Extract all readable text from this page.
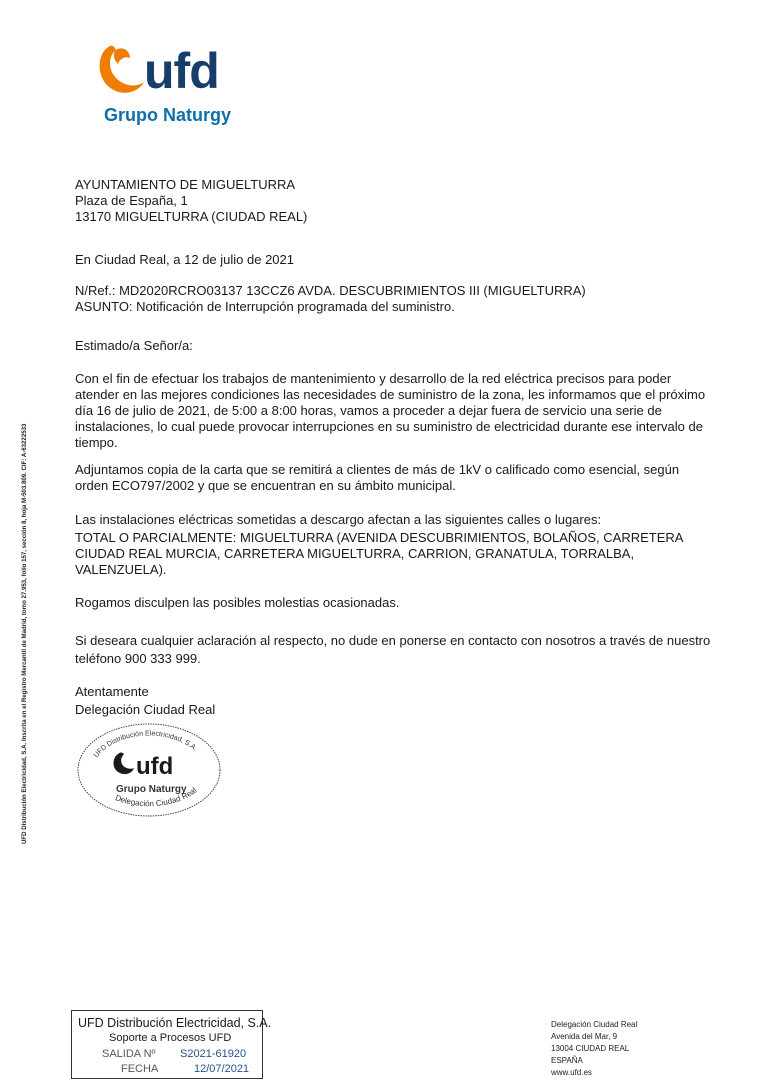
ufd
Grupo Naturgy
UFD Distribución Electricidad, S.A. Inscrita en el Registro Mercantil de Madrid, tomo 27.953, folio 157, sección 8, hoja M-503.809. CIF: A-63222533
AYUNTAMIENTO DE MIGUELTURRA
Plaza de España, 1
13170 MIGUELTURRA (CIUDAD REAL)
En Ciudad Real, a 12 de julio de 2021
N/Ref.: MD2020RCRO03137 13CCZ6 AVDA. DESCUBRIMIENTOS III (MIGUELTURRA)
ASUNTO: Notificación de Interrupción programada del suministro.
Estimado/a Señor/a:
Con el fin de efectuar los trabajos de mantenimiento y desarrollo de la red eléctrica precisos para poder atender en las mejores condiciones las necesidades de suministro de la zona, les informamos que el próximo día 16 de julio de 2021, de 5:00 a 8:00 horas, vamos a proceder a dejar fuera de servicio una serie de instalaciones, lo cual puede provocar interrupciones en su suministro de electricidad durante ese intervalo de tiempo.
Adjuntamos copia de la carta que se remitirá a clientes de más de 1kV o calificado como esencial, según orden ECO797/2002 y que se encuentran en su ámbito municipal.
Las instalaciones eléctricas sometidas a descargo afectan a las siguientes calles o lugares:
TOTAL O PARCIALMENTE: MIGUELTURRA (AVENIDA DESCUBRIMIENTOS, BOLAÑOS, CARRETERA CIUDAD REAL MURCIA, CARRETERA MIGUELTURRA, CARRION, GRANATULA, TORRALBA, VALENZUELA).
Rogamos disculpen las posibles molestias ocasionadas.
Si deseara cualquier aclaración al respecto, no dude en ponerse en contacto con nosotros a través de nuestro teléfono 900 333 999.
Atentamente
Delegación Ciudad Real
UFD Distribución Electricidad, S.A.
ufd
Grupo Naturgy
Delegación Ciudad Real
UFD Distribución Electricidad, S.A.
Soporte a Procesos UFD
SALIDA Nº S2021-61920
FECHA	12/07/2021
Delegación Ciudad Real
Avenida del Mar, 9
13004 CIUDAD REAL
ESPAÑA
www.ufd.es
